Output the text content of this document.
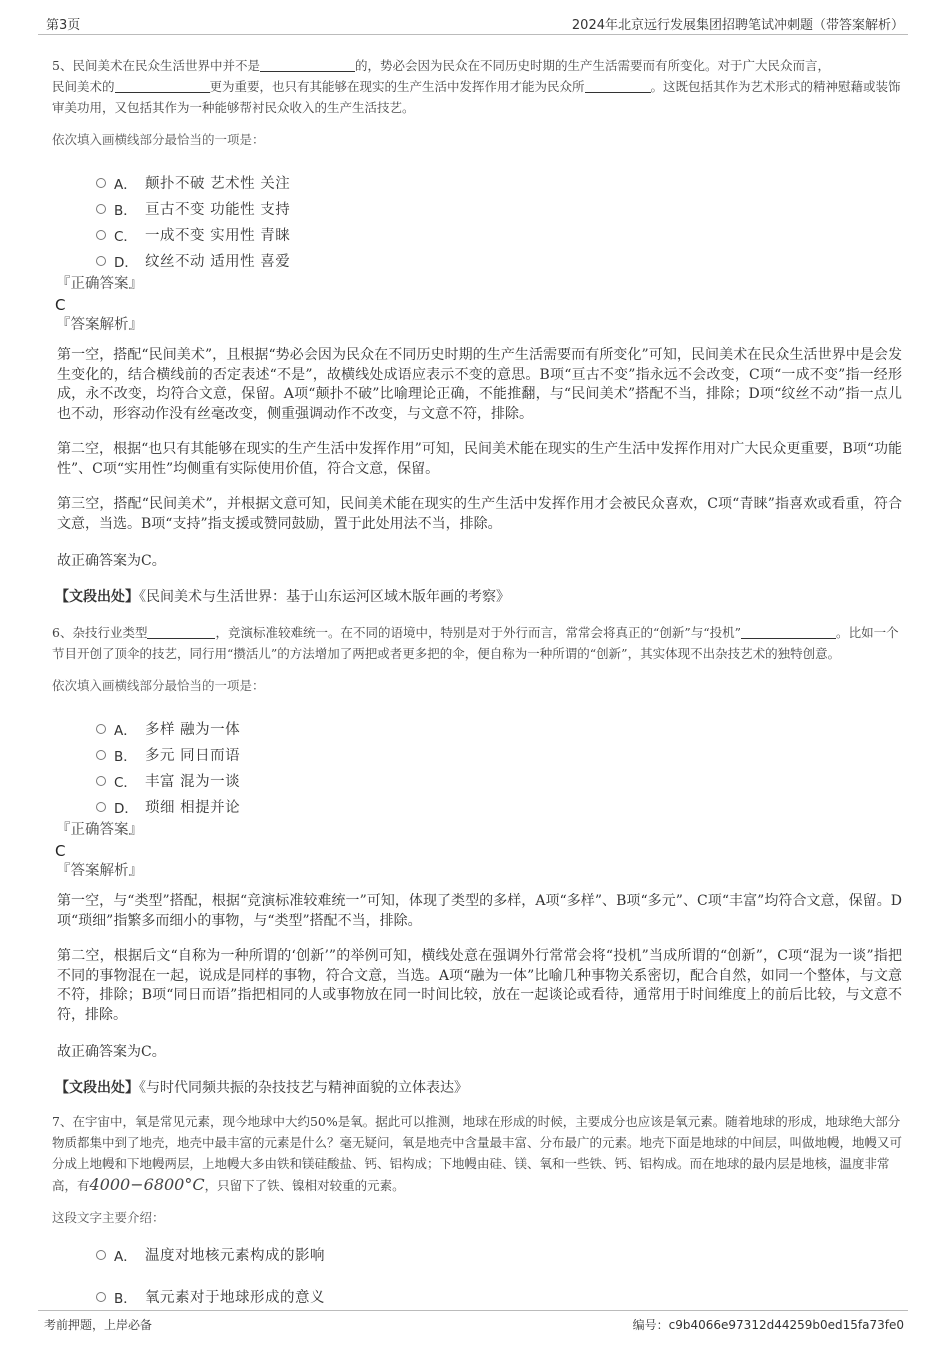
第3页	2024年北京远行发展集团招聘笔试冲刺题（带答案解析）

5、民间美术在民众生活世界中并不是	的，势必会因为民众在不同历史时期的生产生活需要而有所变化。对于广大民众而言，
民间美术的	更为重要，也只有其能够在现实的生产生活中发挥作用才能为民众所	。这既包括其作为艺术形式的精神慰藉或装饰审美功用，又包括其作为一种能够帮衬民众收入的生产生活技艺。

依次填入画横线部分最恰当的一项是：

A． 颠扑不破 艺术性 关注
B． 亘古不变 功能性 支持
C． 一成不变 实用性 青睐
D． 纹丝不动 适用性 喜爱

『正确答案』

C

『答案解析』

第一空，搭配“民间美术”，且根据“势必会因为民众在不同历史时期的生产生活需要而有所变化”可知，民间美术在民众生活世界中是会发生变化的，结合横线前的否定表述“不是”，故横线处成语应表示不变的意思。B项“亘古不变”指永远不会改变，C项“一成不变”指一经形成，永不改变，均符合文意，保留。A项“颠扑不破”比喻理论正确，不能推翻，与“民间美术”搭配不当，排除；D项“纹丝不动”指一点儿也不动，形容动作没有丝毫改变，侧重强调动作不改变，与文意不符，排除。

第二空，根据“也只有其能够在现实的生产生活中发挥作用”可知，民间美术能在现实的生产生活中发挥作用对广大民众更重要，B项“功能性”、C项“实用性”均侧重有实际使用价值，符合文意，保留。

第三空，搭配“民间美术”，并根据文意可知，民间美术能在现实的生产生活中发挥作用才会被民众喜欢，C项“青睐”指喜欢或看重，符合文意，当选。B项“支持”指支援或赞同鼓励，置于此处用法不当，排除。

故正确答案为C。

【文段出处】《民间美术与生活世界：基于山东运河区域木版年画的考察》

6、杂技行业类型	，竞演标准较难统一。在不同的语境中，特别是对于外行而言，常常会将真正的“创新”与“投机”	。比如一个节目开创了顶伞的技艺，同行用“攒活儿”的方法增加了两把或者更多把的伞，便自称为一种所谓的“创新”，其实体现不出杂技艺术的独特创意。

依次填入画横线部分最恰当的一项是：

A． 多样 融为一体
B． 多元 同日而语
C． 丰富 混为一谈
D． 琐细 相提并论

『正确答案』

C

『答案解析』

第一空，与“类型”搭配，根据“竞演标准较难统一”可知，体现了类型的多样，A项“多样”、B项“多元”、C项“丰富”均符合文意，保留。D项“琐细”指繁多而细小的事物，与“类型”搭配不当，排除。

第二空，根据后文“自称为一种所谓的‘创新’”的举例可知，横线处意在强调外行常常会将“投机”当成所谓的“创新”，C项“混为一谈”指把不同的事物混在一起，说成是同样的事物，符合文意，当选。A项“融为一体”比喻几种事物关系密切，配合自然，如同一个整体，与文意不符，排除；B项“同日而语”指把相同的人或事物放在同一时间比较，放在一起谈论或看待，通常用于时间维度上的前后比较，与文意不符，排除。

故正确答案为C。

【文段出处】《与时代同频共振的杂技技艺与精神面貌的立体表达》

7、在宇宙中，氧是常见元素，现今地球中大约50%是氧。据此可以推测，地球在形成的时候，主要成分也应该是氧元素。随着地球的形成，地球绝大部分物质都集中到了地壳，地壳中最丰富的元素是什么？毫无疑问，氧是地壳中含量最丰富、分布最广的元素。地壳下面是地球的中间层，叫做地幔，地幔又可分成上地幔和下地幔两层，上地幔大多由铁和镁硅酸盐、钙、铝构成；下地幔由硅、镁、氧和一些铁、钙、铝构成。而在地球的最内层是地核，温度非常高，有4000−6800°C，只留下了铁、镍相对较重的元素。

这段文字主要介绍：

A． 温度对地核元素构成的影响
B． 氧元素对于地球形成的意义
考前押题，上岸必备	编号：c9b4066e97312d44259b0ed15fa73fe0
